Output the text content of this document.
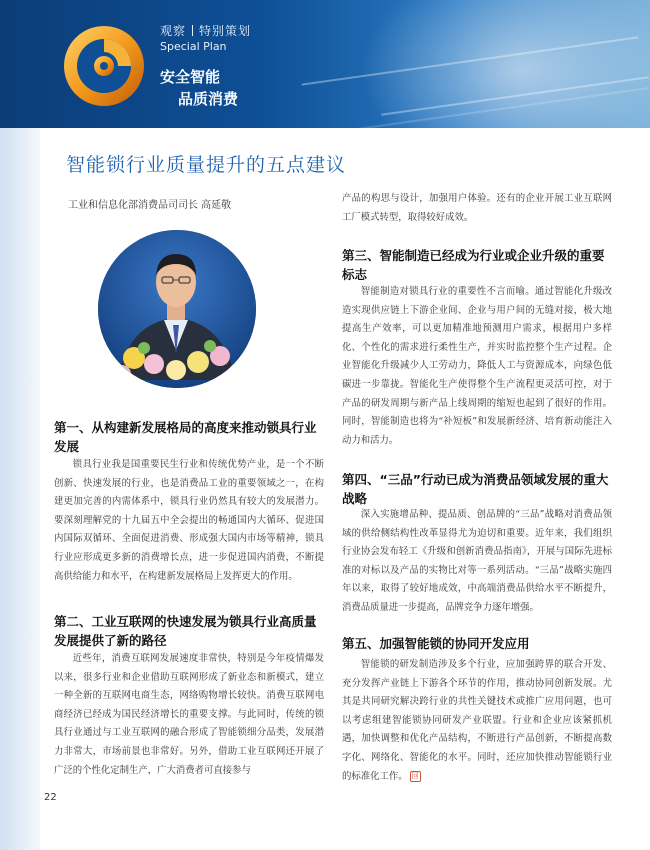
观察 特别策划
Special Plan
安全智能
品质消费
智能锁行业质量提升的五点建议
工业和信息化部消费品司司长 高延敬
第一、从构建新发展格局的高度来推动锁具行业发展
锁具行业我是国重要民生行业和传统优势产业，是一个不断创新、快速发展的行业，也是消费品工业的重要领域之一，在构建更加完善的内需体系中，锁具行业仍然具有较大的发展潜力。要深刻理解党的十九届五中全会提出的畅通国内大循环、促进国内国际双循环、全面促进消费、形成强大国内市场等精神，锁具行业应形成更多新的消费增长点，进一步促进国内消费，不断提高供给能力和水平，在构建新发展格局上发挥更大的作用。
第二、工业互联网的快速发展为锁具行业高质量发展提供了新的路径
近些年，消费互联网发展速度非常快，特别是今年疫情爆发以来，很多行业和企业借助互联网形成了新业态和新模式，建立一种全新的互联网电商生态，网络购物增长较快。消费互联网电商经济已经成为国民经济增长的重要支撑。与此同时，传统的锁具行业通过与工业互联网的融合形成了智能锁细分品类，发展潜力非常大，市场前景也非常好。另外，借助工业互联网还开展了广泛的个性化定制生产，广大消费者可直接参与
产品的构思与设计，加强用户体验。还有的企业开展工业互联网工厂模式转型，取得较好成效。
第三、智能制造已经成为行业或企业升级的重要标志
智能制造对锁具行业的重要性不言而喻。通过智能化升级改造实现供应链上下游企业间、企业与用户间的无缝对接，极大地提高生产效率，可以更加精准地预测用户需求，根据用户多样化、个性化的需求进行柔性生产，并实时监控整个生产过程。企业智能化升级减少人工劳动力，降低人工与资源成本，向绿色低碳进一步靠拢。智能化生产使得整个生产流程更灵活可控，对于产品的研发周期与新产品上线周期的缩短也起到了很好的作用。同时，智能制造也将为“补短板”和发展新经济、培育新动能注入动力和活力。
第四、“三品”行动已成为消费品领域发展的重大战略
深入实施增品种、提品质、创品牌的“三品”战略对消费品领域的供给侧结构性改革显得尤为迫切和重要。近年来，我们组织行业协会发布轻工《升级和创新消费品指南》，开展与国际先进标准的对标以及产品的实物比对等一系列活动。“三品”战略实施四年以来，取得了较好地成效，中高端消费品供给水平不断提升，消费品质量进一步提高，品牌竞争力逐年增强。
第五、加强智能锁的协同开发应用
智能锁的研发制造涉及多个行业，应加强跨界的联合开发、充分发挥产业链上下游各个环节的作用，推动协同创新发展。尤其是共同研究解决跨行业的共性关键技术或推广应用问题，也可以考虑组建智能锁协同研发产业联盟。行业和企业应该紧抓机遇，加快调整和优化产品结构，不断进行产品创新，不断提高数字化、网络化、智能化的水平。同时，还应加快推动智能锁行业的标准化工作。 回
22
